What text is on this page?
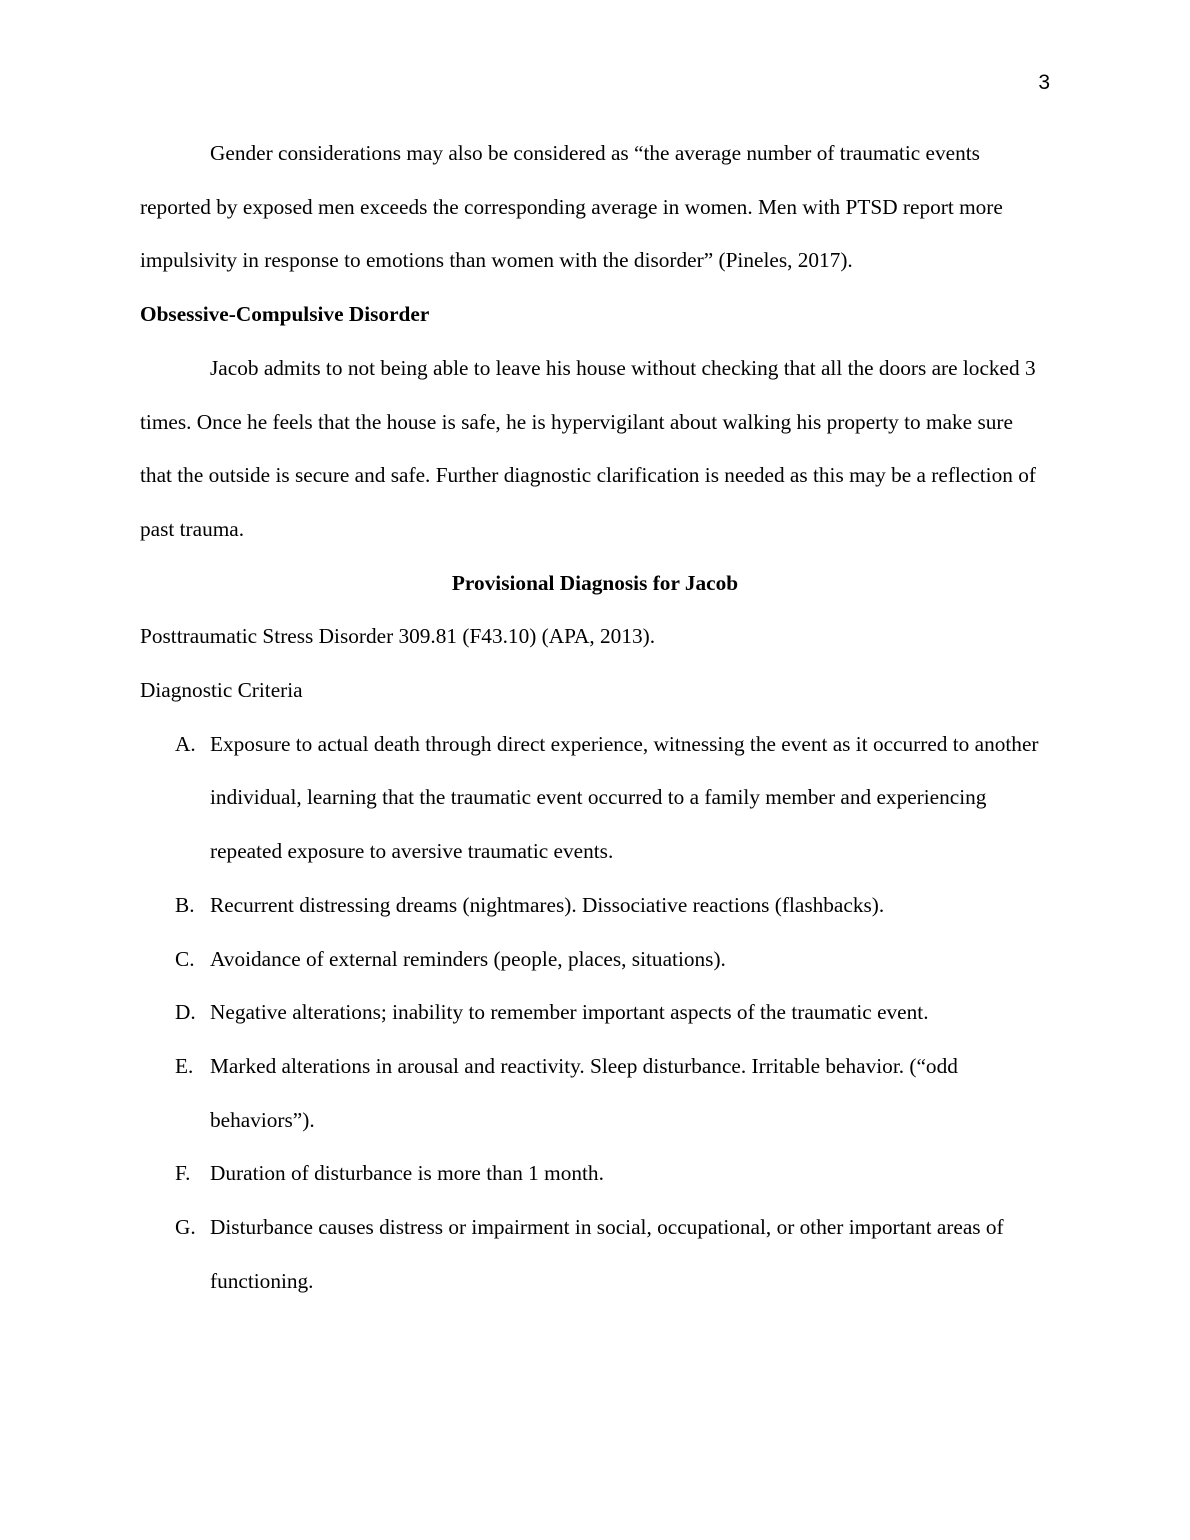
3

Gender considerations may also be considered as “the average number of traumatic events reported by exposed men exceeds the corresponding average in women. Men with PTSD report more impulsivity in response to emotions than women with the disorder” (Pineles, 2017).

Obsessive-Compulsive Disorder

Jacob admits to not being able to leave his house without checking that all the doors are locked 3 times. Once he feels that the house is safe, he is hypervigilant about walking his property to make sure that the outside is secure and safe. Further diagnostic clarification is needed as this may be a reflection of past trauma.

Provisional Diagnosis for Jacob

Posttraumatic Stress Disorder 309.81 (F43.10) (APA, 2013).

Diagnostic Criteria

A. Exposure to actual death through direct experience, witnessing the event as it occurred to another individual, learning that the traumatic event occurred to a family member and experiencing repeated exposure to aversive traumatic events.
B. Recurrent distressing dreams (nightmares). Dissociative reactions (flashbacks).
C. Avoidance of external reminders (people, places, situations).
D. Negative alterations; inability to remember important aspects of the traumatic event.
E. Marked alterations in arousal and reactivity. Sleep disturbance. Irritable behavior. (“odd behaviors”).
F. Duration of disturbance is more than 1 month.
G. Disturbance causes distress or impairment in social, occupational, or other important areas of functioning.
